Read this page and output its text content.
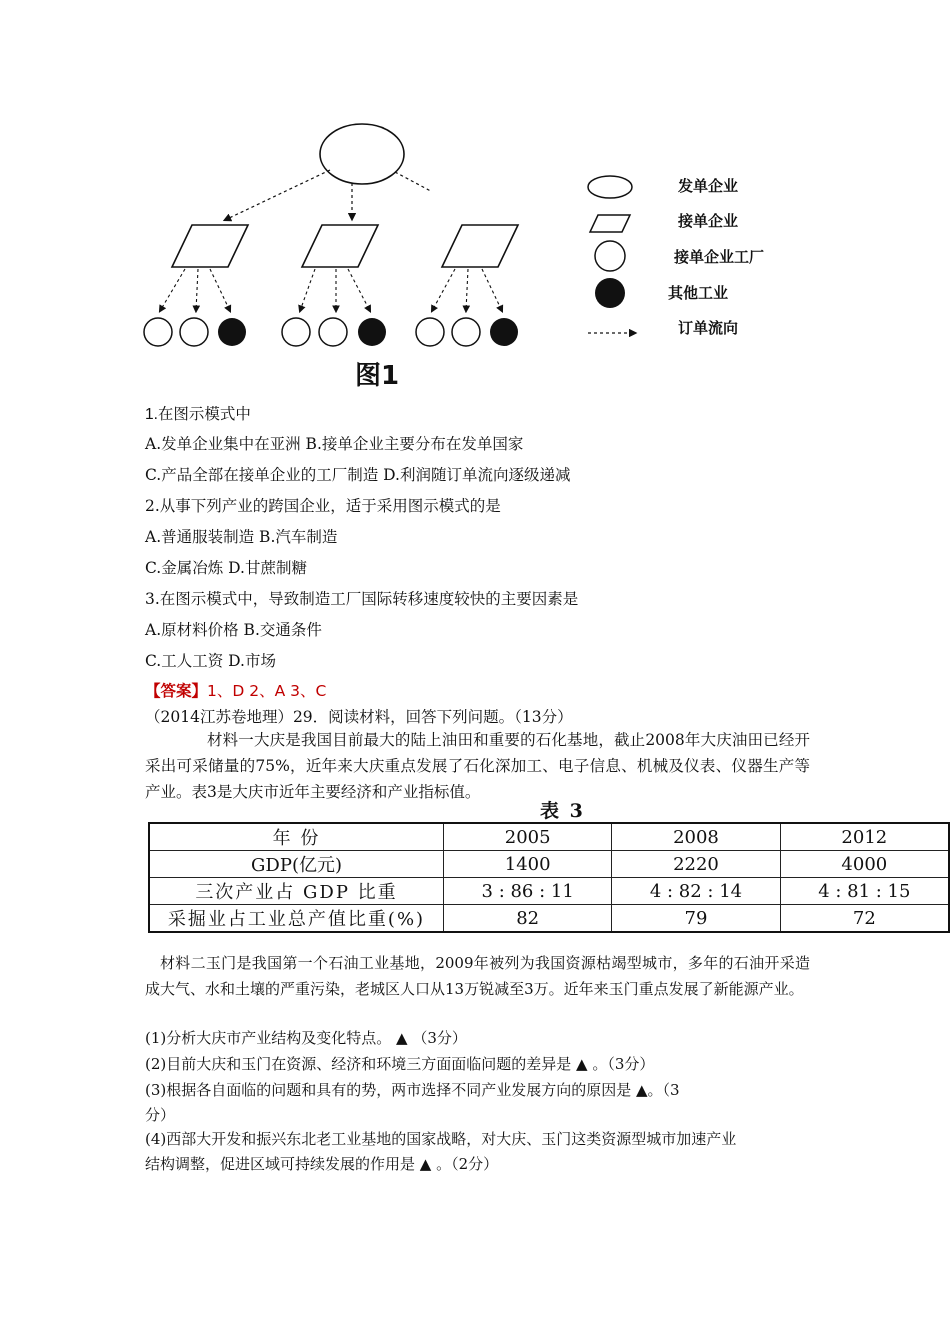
发单企业
接单企业
接单企业工厂
其他工业
订单流向
图1
1.在图示模式中
A.发单企业集中在亚洲 B.接单企业主要分布在发单国家
C.产品全部在接单企业的工厂制造 D.利润随订单流向逐级递减
2.从事下列产业的跨国企业，适于采用图示模式的是
A.普通服装制造 B.汽车制造
C.金属冶炼 D.甘蔗制糖
3.在图示模式中，导致制造工厂国际转移速度较快的主要因素是
A.原材料价格 B.交通条件
C.工人工资 D.市场
【答案】1、D 2、A 3、C
（2014江苏卷地理）29．阅读材料，回答下列问题。（13分）
材料一大庆是我国目前最大的陆上油田和重要的石化基地，截止2008年大庆油田已经开采出可采储量的75%，近年来大庆重点发展了石化深加工、电子信息、机械及仪表、仪器生产等产业。表3是大庆市近年主要经济和产业指标值。
表 3
年 份	2005	2008	2012
GDP(亿元)	1400	2220	4000
三次产业占 GDP 比重	3 : 86 : 11	4 : 82 : 14	4 : 81 : 15
采掘业占工业总产值比重(%)	82	79	72
材料二玉门是我国第一个石油工业基地，2009年被列为我国资源枯竭型城市，多年的石油开采造成大气、水和土壤的严重污染，老城区人口从13万锐减至3万。近年来玉门重点发展了新能源产业。
(1)分析大庆市产业结构及变化特点。 ▲ （3分）
(2)目前大庆和玉门在资源、经济和环境三方面面临问题的差异是 ▲ 。（3分）
(3)根据各自面临的问题和具有的势，两市选择不同产业发展方向的原因是 ▲。（3
分）
(4)西部大开发和振兴东北老工业基地的国家战略，对大庆、玉门这类资源型城市加速产业
结构调整，促进区域可持续发展的作用是 ▲ 。（2分）
